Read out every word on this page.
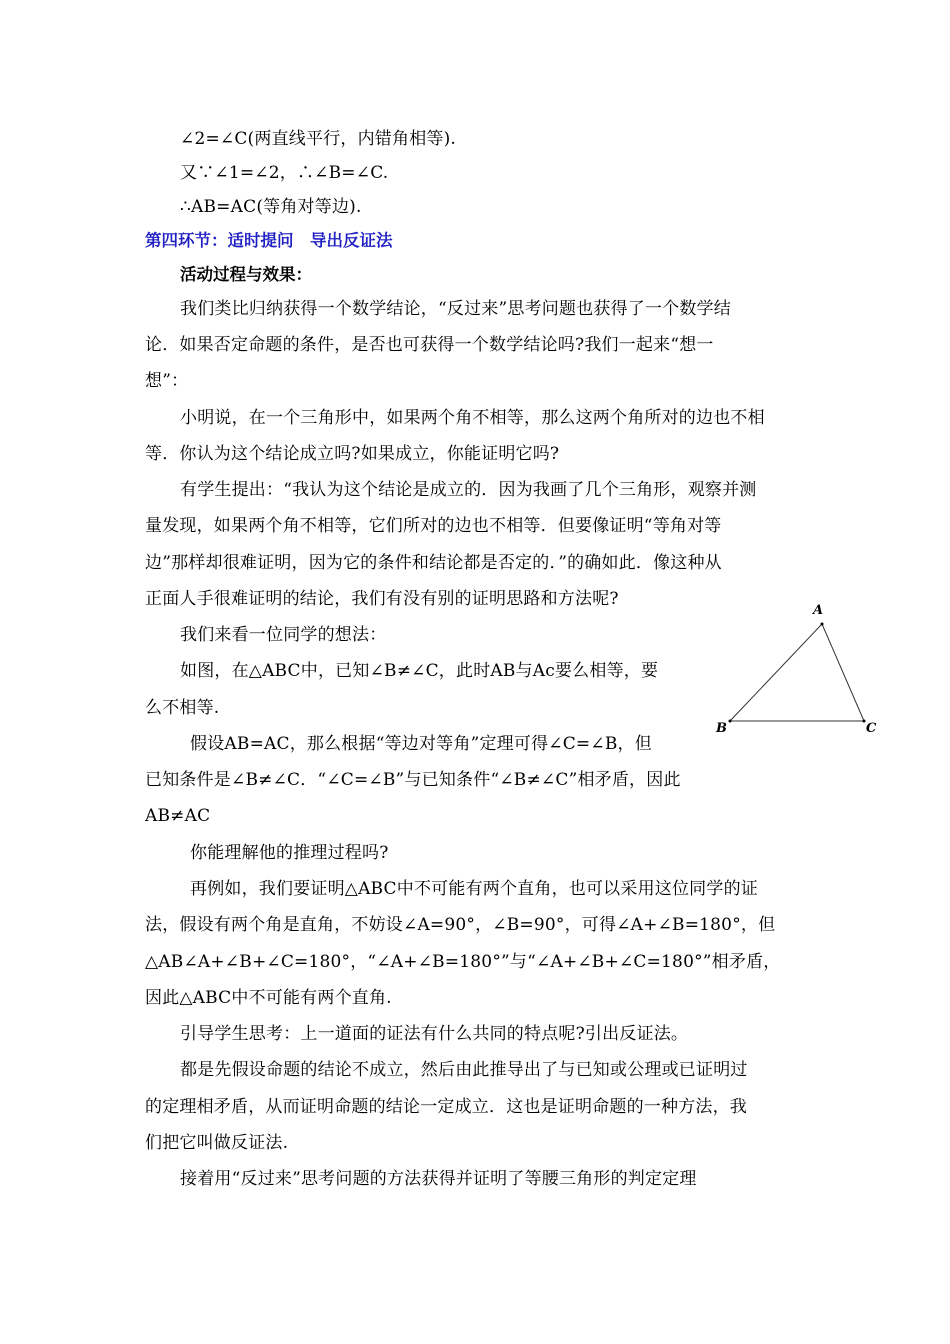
∠2=∠C(两直线平行，内错角相等).
又∵∠1=∠2，∴∠B=∠C.
∴AB=AC(等角对等边).
第四环节：适时提问　导出反证法
活动过程与效果：
我们类比归纳获得一个数学结论，“反过来”思考问题也获得了一个数学结
论．如果否定命题的条件，是否也可获得一个数学结论吗?我们一起来“想一
想”：
小明说，在一个三角形中，如果两个角不相等，那么这两个角所对的边也不相
等．你认为这个结论成立吗?如果成立，你能证明它吗?
有学生提出：“我认为这个结论是成立的．因为我画了几个三角形，观察并测
量发现，如果两个角不相等，它们所对的边也不相等．但要像证明“等角对等
边”那样却很难证明，因为它的条件和结论都是否定的．”的确如此．像这种从
正面人手很难证明的结论，我们有没有别的证明思路和方法呢?
我们来看一位同学的想法：
如图，在△ABC中，已知∠B≠∠C，此时AB与Ac要么相等，要
么不相等.
假设AB=AC，那么根据“等边对等角”定理可得∠C=∠B，但
已知条件是∠B≠∠C．“∠C=∠B”与已知条件“∠B≠∠C”相矛盾，因此
AB≠AC
你能理解他的推理过程吗?
再例如，我们要证明△ABC中不可能有两个直角，也可以采用这位同学的证
法，假设有两个角是直角，不妨设∠A=90°，∠B=90°，可得∠A+∠B=180°，但
△AB∠A+∠B+∠C=180°，“∠A+∠B=180°”与“∠A+∠B+∠C=180°”相矛盾，
因此△ABC中不可能有两个直角.
引导学生思考：上一道面的证法有什么共同的特点呢?引出反证法。
都是先假设命题的结论不成立，然后由此推导出了与已知或公理或已证明过
的定理相矛盾，从而证明命题的结论一定成立．这也是证明命题的一种方法，我
们把它叫做反证法.
接着用“反过来”思考问题的方法获得并证明了等腰三角形的判定定理
A
B	C
